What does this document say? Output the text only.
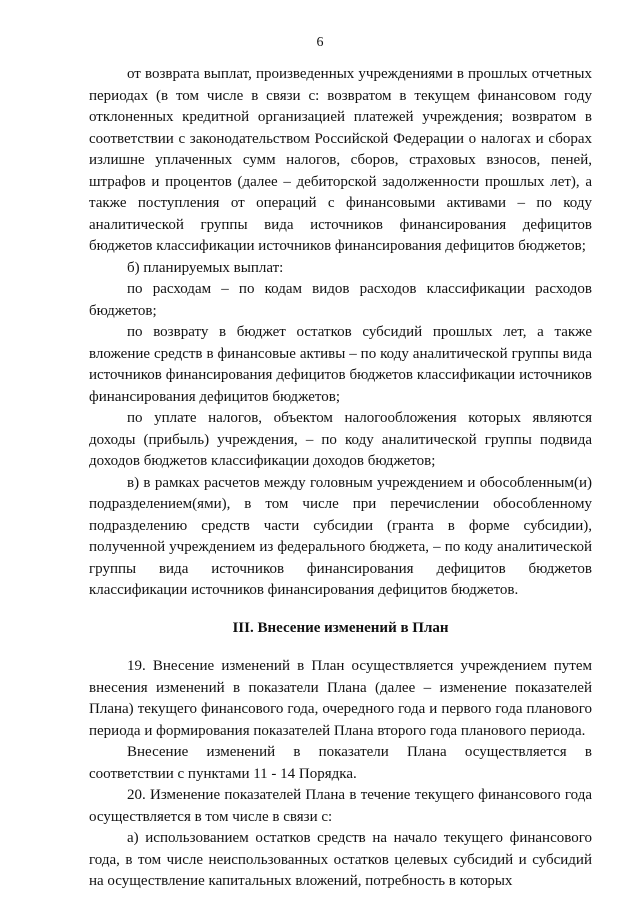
6

от возврата выплат, произведенных учреждениями в прошлых отчетных периодах (в том числе в связи с: возвратом в текущем финансовом году отклоненных кредитной организацией платежей учреждения; возвратом в соответствии с законодательством Российской Федерации о налогах и сборах излишне уплаченных сумм налогов, сборов, страховых взносов, пеней, штрафов и процентов (далее – дебиторской задолженности прошлых лет), а также поступления от операций с финансовыми активами – по коду аналитической группы вида источников финансирования дефицитов бюджетов классификации источников финансирования дефицитов бюджетов;

б) планируемых выплат:

по расходам – по кодам видов расходов классификации расходов бюджетов;

по возврату в бюджет остатков субсидий прошлых лет, а также вложение средств в финансовые активы – по коду аналитической группы вида источников финансирования дефицитов бюджетов классификации источников финансирования дефицитов бюджетов;

по уплате налогов, объектом налогообложения которых являются доходы (прибыль) учреждения, – по коду аналитической группы подвида доходов бюджетов классификации доходов бюджетов;

в) в рамках расчетов между головным учреждением и обособленным(и) подразделением(ями), в том числе при перечислении обособленному подразделению средств части субсидии (гранта в форме субсидии), полученной учреждением из федерального бюджета, – по коду аналитической группы вида источников финансирования дефицитов бюджетов классификации источников финансирования дефицитов бюджетов.

III. Внесение изменений в План

19. Внесение изменений в План осуществляется учреждением путем внесения изменений в показатели Плана (далее – изменение показателей Плана) текущего финансового года, очередного года и первого года планового периода и формирования показателей Плана второго года планового периода.

Внесение изменений в показатели Плана осуществляется в соответствии с пунктами 11 - 14 Порядка.

20. Изменение показателей Плана в течение текущего финансового года осуществляется в том числе в связи с:

а) использованием остатков средств на начало текущего финансового года, в том числе неиспользованных остатков целевых субсидий и субсидий на осуществление капитальных вложений, потребность в которых
